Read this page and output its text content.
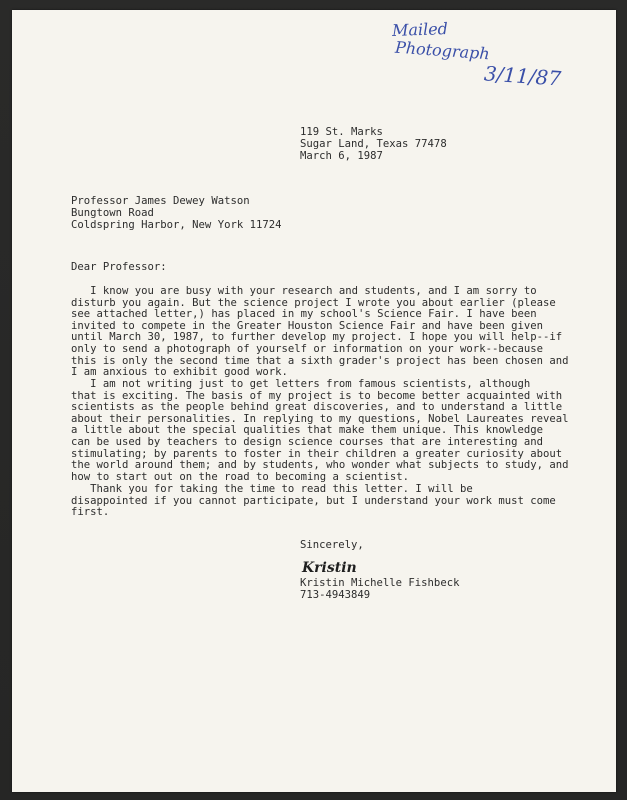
Mailed
Photograph
3/11/87
119 St. Marks
Sugar Land, Texas 77478
March 6, 1987
Professor James Dewey Watson
Bungtown Road
Coldspring Harbor, New York 11724
Dear Professor:
I know you are busy with your research and students, and I am sorry to
disturb you again. But the science project I wrote you about earlier (please
see attached letter,) has placed in my school's Science Fair. I have been
invited to compete in the Greater Houston Science Fair and have been given
until March 30, 1987, to further develop my project. I hope you will help--if
only to send a photograph of yourself or information on your work--because
this is only the second time that a sixth grader's project has been chosen and
I am anxious to exhibit good work.
I am not writing just to get letters from famous scientists, although
that is exciting. The basis of my project is to become better acquainted with
scientists as the people behind great discoveries, and to understand a little
about their personalities. In replying to my questions, Nobel Laureates reveal
a little about the special qualities that make them unique. This knowledge
can be used by teachers to design science courses that are interesting and
stimulating; by parents to foster in their children a greater curiosity about
the world around them; and by students, who wonder what subjects to study, and
how to start out on the road to becoming a scientist.
Thank you for taking the time to read this letter. I will be
disappointed if you cannot participate, but I understand your work must come
first.
Sincerely,
Kristin
Kristin Michelle Fishbeck
713-4943849
